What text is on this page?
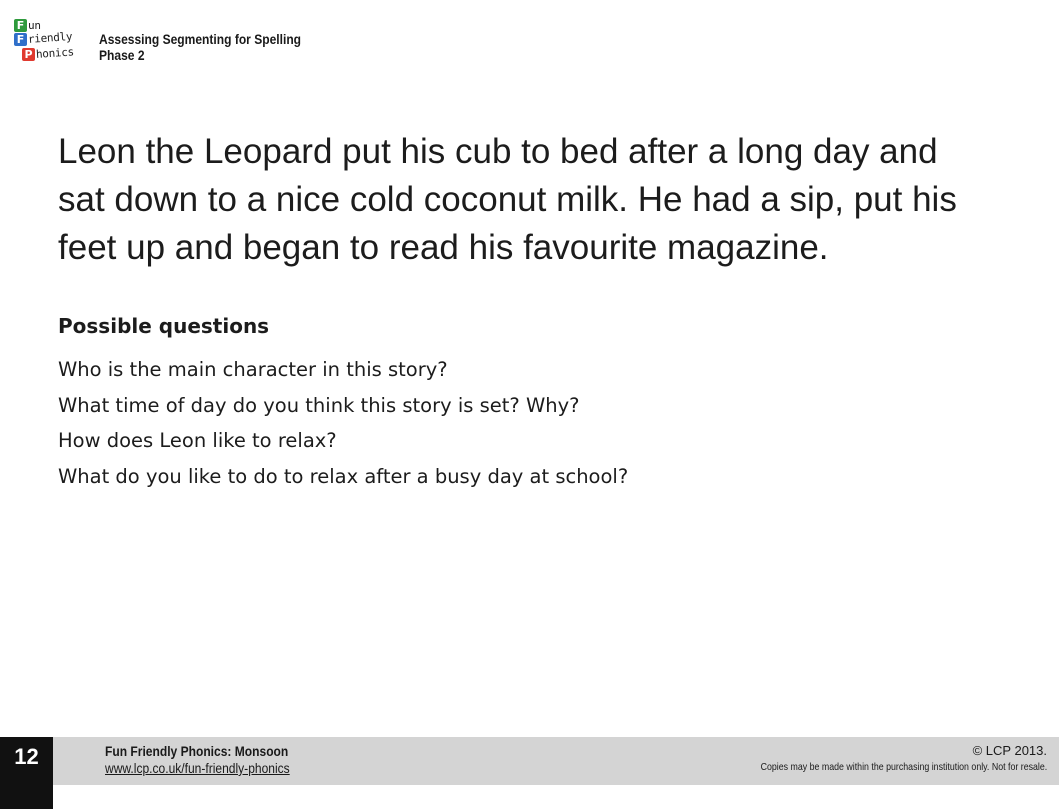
F un
F riendly
P honics
Assessing Segmenting for Spelling
Phase 2

Leon the Leopard put his cub to bed after a long day and
sat down to a nice cold coconut milk. He had a sip, put his
feet up and began to read his favourite magazine.

Possible questions
Who is the main character in this story?
What time of day do you think this story is set? Why?
How does Leon like to relax?
What do you like to do to relax after a busy day at school?
12	Fun Friendly Phonics: Monsoon
www.lcp.co.uk/fun-friendly-phonics
© LCP 2013.
Copies may be made within the purchasing institution only. Not for resale.
